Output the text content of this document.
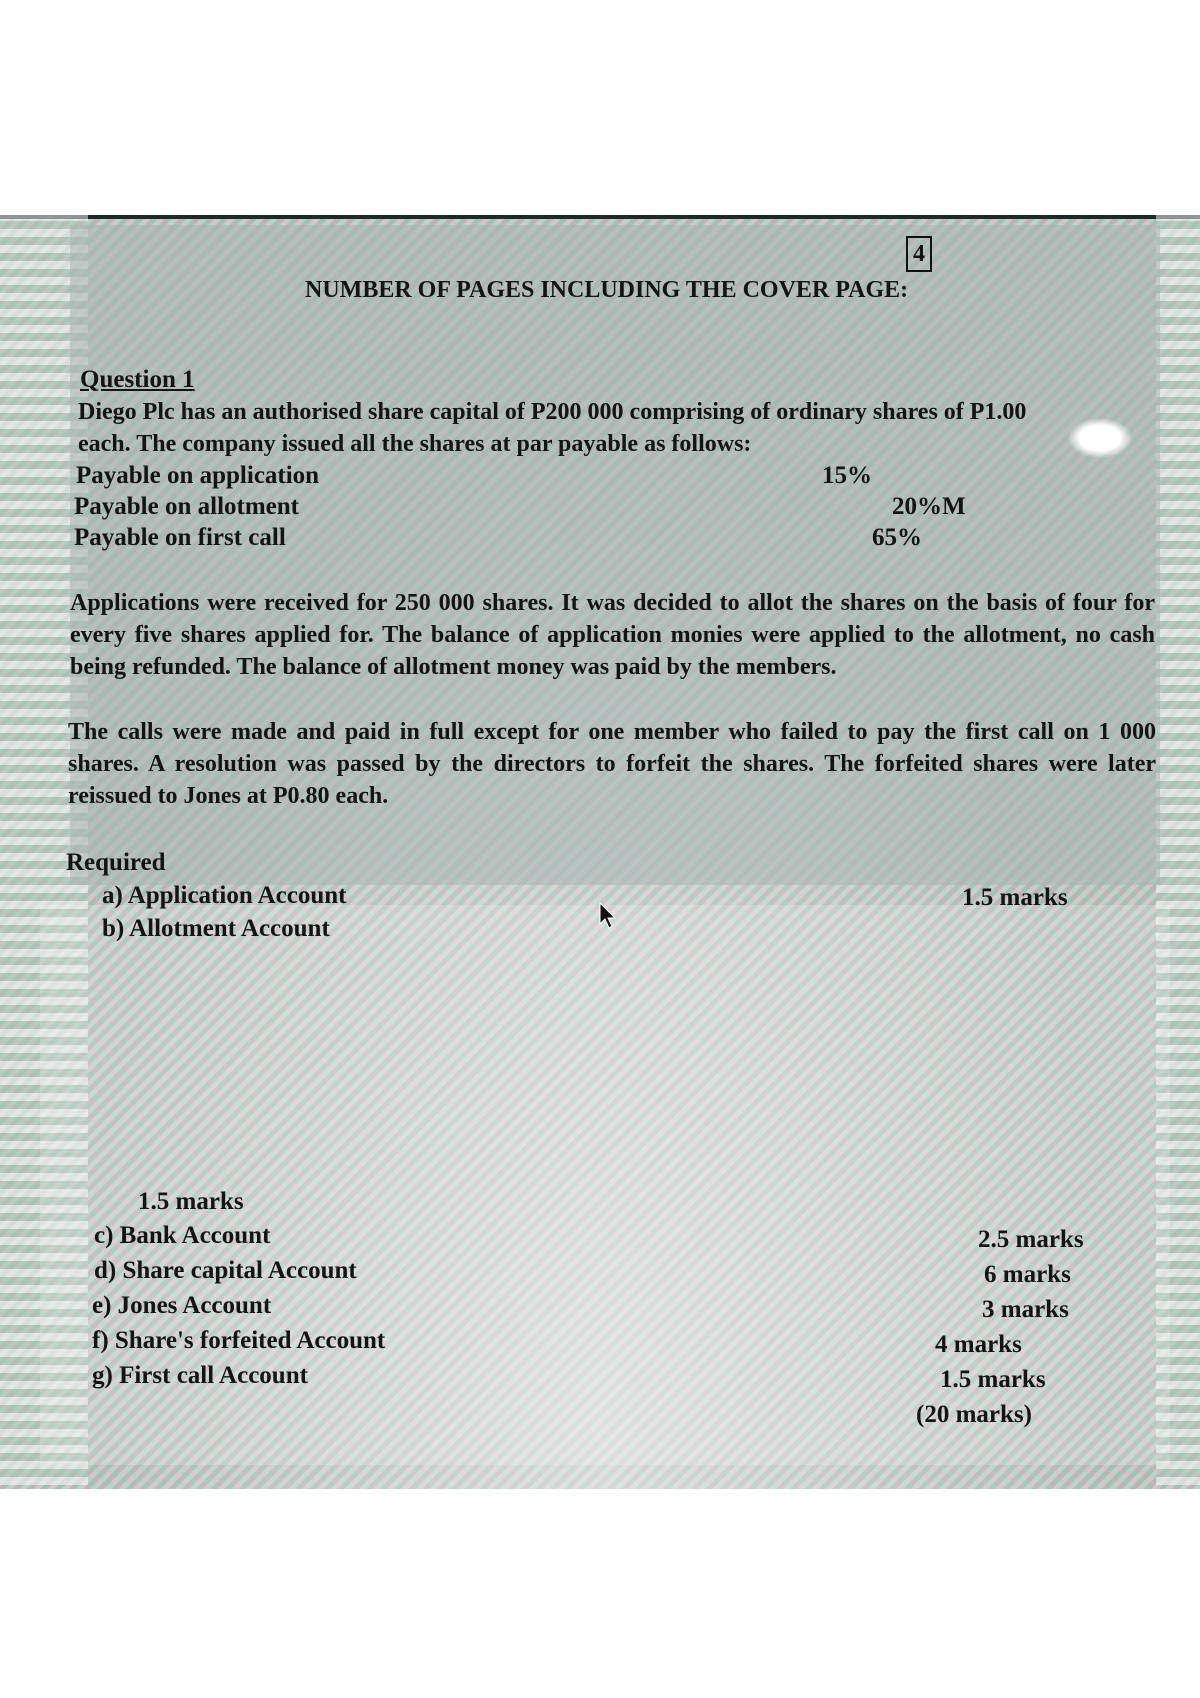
4
NUMBER OF PAGES INCLUDING THE COVER PAGE:
Question 1
Diego Plc has an authorised share capital of P200 000 comprising of ordinary shares of P1.00
each. The company issued all the shares at par payable as follows:
Payable on application	15%
Payable on allotment	20%M
Payable on first call	65%
Applications were received for 250 000 shares. It was decided to allot the shares on the basis of four for every five shares applied for. The balance of application monies were applied to the allotment, no cash being refunded. The balance of allotment money was paid by the members.
The calls were made and paid in full except for one member who failed to pay the first call on 1 000 shares. A resolution was passed by the directors to forfeit the shares. The forfeited shares were later reissued to Jones at P0.80 each.
Required
a) Application Account	1.5 marks
b) Allotment Account
1.5 marks
c) Bank Account	2.5 marks
d) Share capital Account	6 marks
e) Jones Account	3 marks
f) Share's forfeited Account	4 marks
g) First call Account	1.5 marks
(20 marks)
